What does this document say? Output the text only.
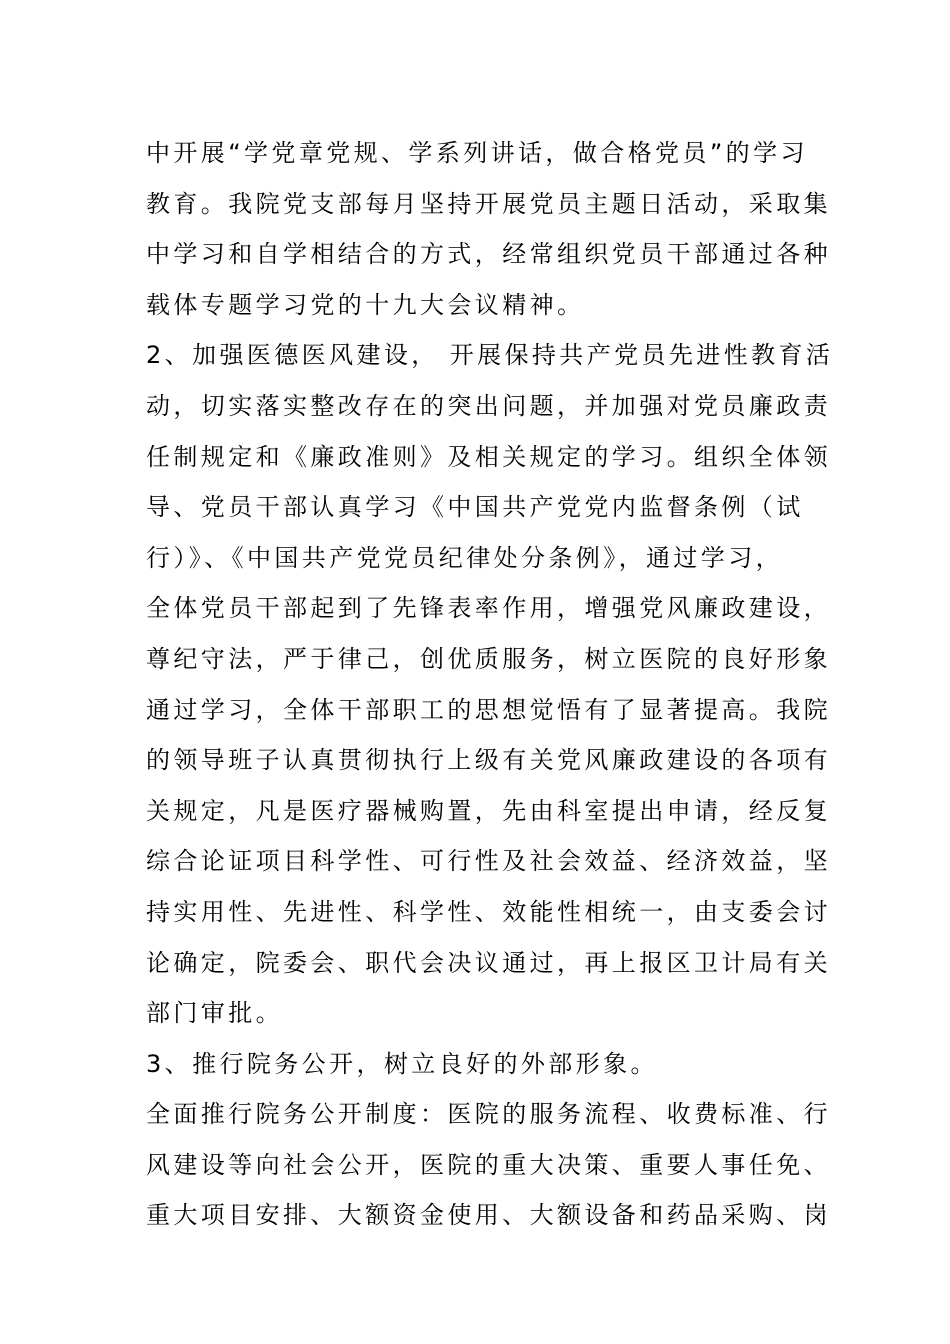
中开展“学党章党规、学系列讲话，做合格党员”的学习
教育。我院党支部每月坚持开展党员主题日活动，采取集
中学习和自学相结合的方式，经常组织党员干部通过各种
载体专题学习党的十九大会议精神。
2、加强医德医风建设， 开展保持共产党员先进性教育活
动，切实落实整改存在的突出问题，并加强对党员廉政责
任制规定和《廉政准则》及相关规定的学习。组织全体领
导、党员干部认真学习《中国共产党党内监督条例（试
行）》、《中国共产党党员纪律处分条例》，通过学习，
全体党员干部起到了先锋表率作用，增强党风廉政建设，
尊纪守法，严于律己，创优质服务，树立医院的良好形象
通过学习，全体干部职工的思想觉悟有了显著提高。我院
的领导班子认真贯彻执行上级有关党风廉政建设的各项有
关规定，凡是医疗器械购置，先由科室提出申请，经反复
综合论证项目科学性、可行性及社会效益、经济效益，坚
持实用性、先进性、科学性、效能性相统一，由支委会讨
论确定，院委会、职代会决议通过，再上报区卫计局有关
部门审批。
3、推行院务公开，树立良好的外部形象。
全面推行院务公开制度：医院的服务流程、收费标准、行
风建设等向社会公开，医院的重大决策、重要人事任免、
重大项目安排、大额资金使用、大额设备和药品采购、岗
